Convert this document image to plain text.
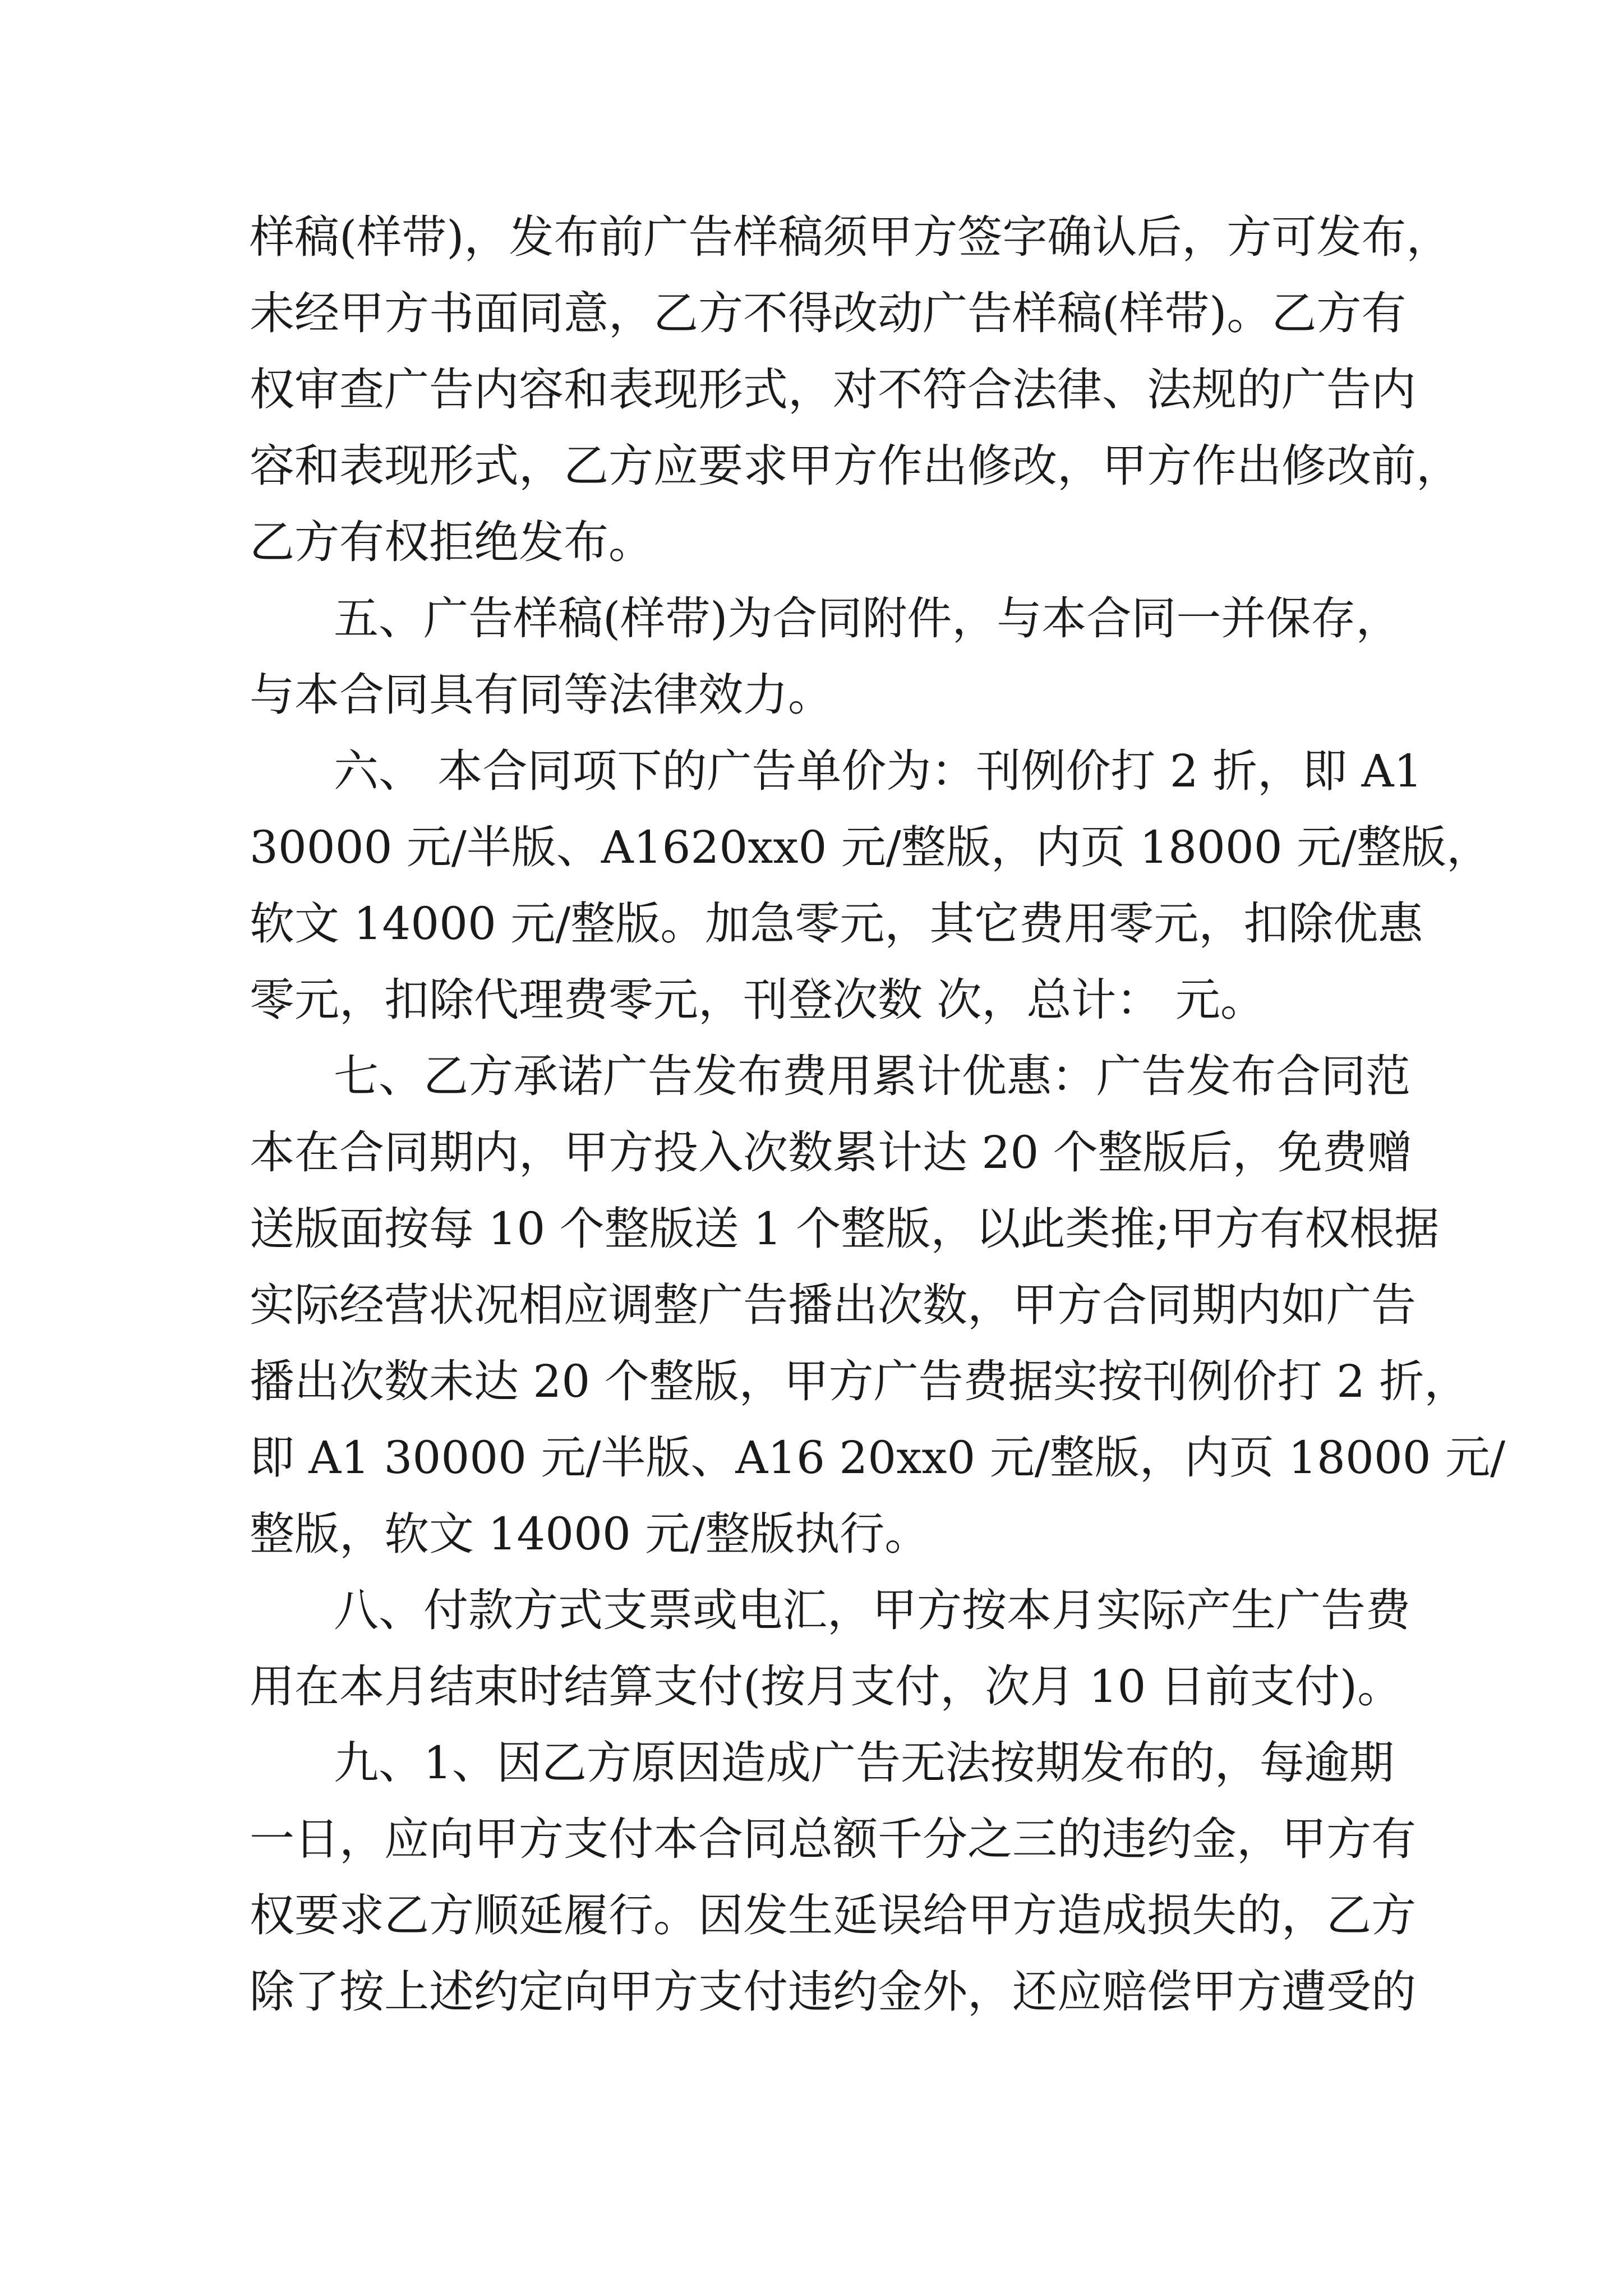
样稿(样带)，发布前广告样稿须甲方签字确认后，方可发布，
未经甲方书面同意，乙方不得改动广告样稿(样带)。乙方有
权审查广告内容和表现形式，对不符合法律、法规的广告内
容和表现形式，乙方应要求甲方作出修改，甲方作出修改前，
乙方有权拒绝发布。
五、广告样稿(样带)为合同附件，与本合同一并保存，
与本合同具有同等法律效力。
六、 本合同项下的广告单价为：刊例价打 2 折，即 A1
30000 元/半版、A1620xx0 元/整版，内页 18000 元/整版，
软文 14000 元/整版。加急零元，其它费用零元，扣除优惠
零元，扣除代理费零元，刊登次数 次，总计： 元。
七、乙方承诺广告发布费用累计优惠：广告发布合同范
本在合同期内，甲方投入次数累计达 20 个整版后，免费赠
送版面按每 10 个整版送 1 个整版，以此类推;甲方有权根据
实际经营状况相应调整广告播出次数，甲方合同期内如广告
播出次数未达 20 个整版，甲方广告费据实按刊例价打 2 折，
即 A1 30000 元/半版、A16 20xx0 元/整版，内页 18000 元/
整版，软文 14000 元/整版执行。
八、付款方式支票或电汇，甲方按本月实际产生广告费
用在本月结束时结算支付(按月支付，次月 10 日前支付)。
九、1、因乙方原因造成广告无法按期发布的，每逾期
一日，应向甲方支付本合同总额千分之三的违约金，甲方有
权要求乙方顺延履行。因发生延误给甲方造成损失的，乙方
除了按上述约定向甲方支付违约金外，还应赔偿甲方遭受的
